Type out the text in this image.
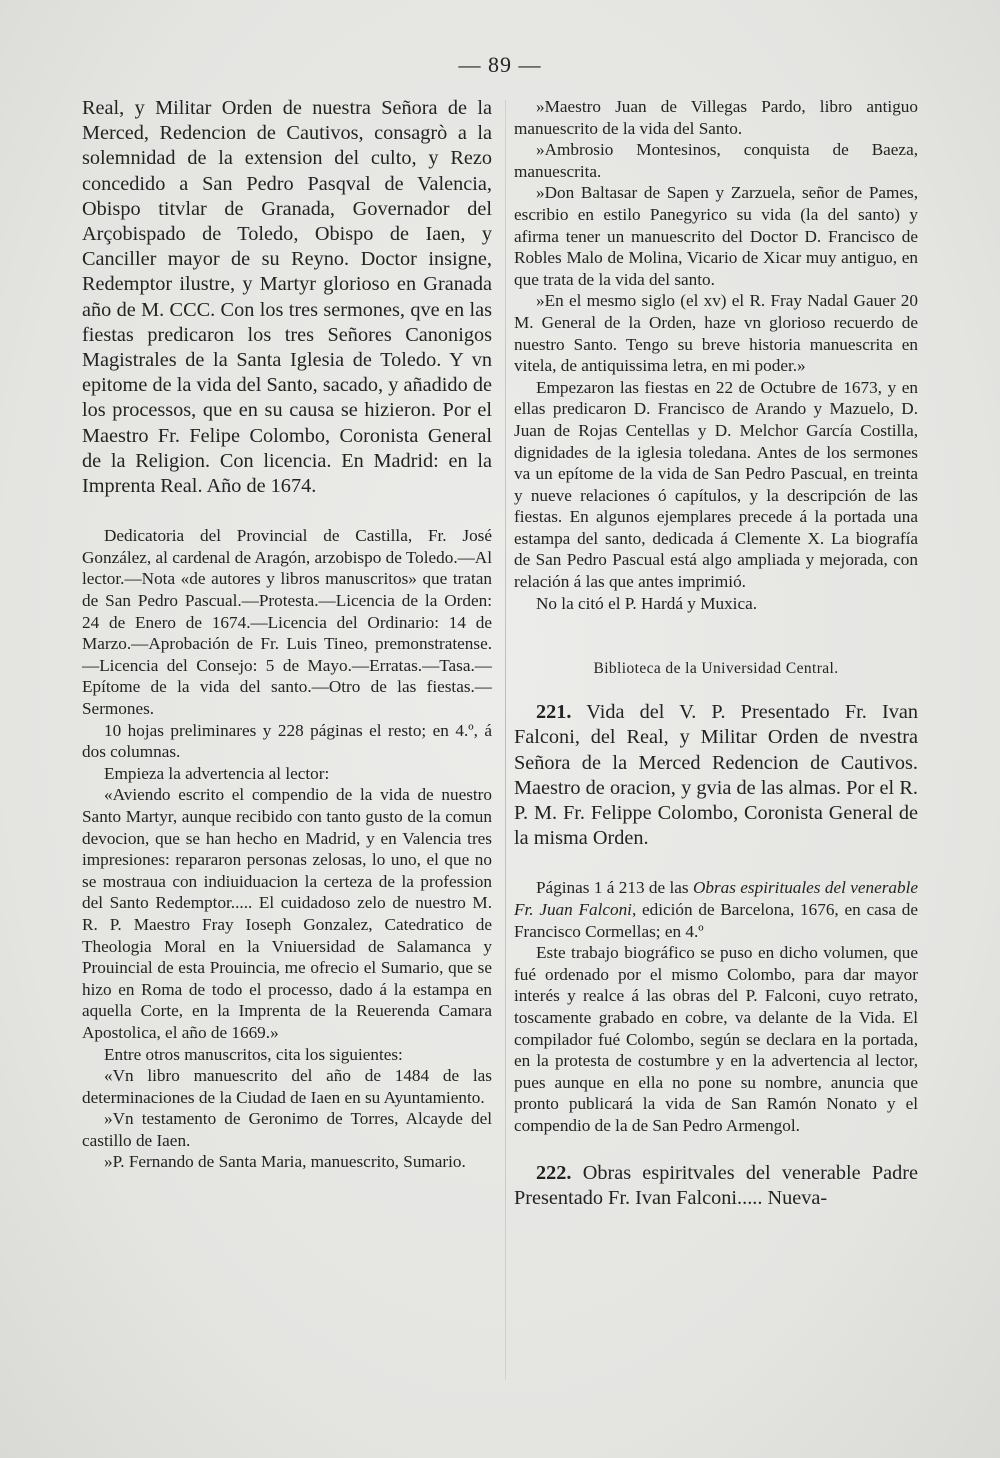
— 89 —

Real, y Militar Orden de nuestra Señora de la Merced, Redencion de Cautivos, consagrò a la solemnidad de la extension del culto, y Rezo concedido a San Pedro Pasqval de Valencia, Obispo titvlar de Granada, Governador del Arçobispado de Toledo, Obispo de Iaen, y Canciller mayor de su Reyno. Doctor insigne, Redemptor ilustre, y Martyr glorioso en Granada año de M. CCC. Con los tres sermones, qve en las fiestas predicaron los tres Señores Canonigos Magistrales de la Santa Iglesia de Toledo. Y vn epitome de la vida del Santo, sacado, y añadido de los processos, que en su causa se hizieron. Por el Maestro Fr. Felipe Colombo, Coronista General de la Religion. Con licencia. En Madrid: en la Imprenta Real. Año de 1674.

Dedicatoria del Provincial de Castilla, Fr. José González, al cardenal de Aragón, arzobispo de Toledo.—Al lector.—Nota «de autores y libros manuscritos» que tratan de San Pedro Pascual.—Protesta.—Licencia de la Orden: 24 de Enero de 1674.—Licencia del Ordinario: 14 de Marzo.—Aprobación de Fr. Luis Tineo, premonstratense.—Licencia del Consejo: 5 de Mayo.—Erratas.—Tasa.—Epítome de la vida del santo.—Otro de las fiestas.—Sermones.

10 hojas preliminares y 228 páginas el resto; en 4.º, á dos columnas.

Empieza la advertencia al lector:

«Aviendo escrito el compendio de la vida de nuestro Santo Martyr, aunque recibido con tanto gusto de la comun devocion, que se han hecho en Madrid, y en Valencia tres impresiones: repararon personas zelosas, lo uno, el que no se mostraua con indiuiduacion la certeza de la profession del Santo Redemptor..... El cuidadoso zelo de nuestro M. R. P. Maestro Fray Ioseph Gonzalez, Catedratico de Theologia Moral en la Vniuersidad de Salamanca y Prouincial de esta Prouincia, me ofrecio el Sumario, que se hizo en Roma de todo el processo, dado á la estampa en aquella Corte, en la Imprenta de la Reuerenda Camara Apostolica, el año de 1669.»

Entre otros manuscritos, cita los siguientes:

«Vn libro manuescrito del año de 1484 de las determinaciones de la Ciudad de Iaen en su Ayuntamiento.

»Vn testamento de Geronimo de Torres, Alcayde del castillo de Iaen.

»P. Fernando de Santa Maria, manuescrito, Sumario.

»Maestro Juan de Villegas Pardo, libro antiguo manuescrito de la vida del Santo.

»Ambrosio Montesinos, conquista de Baeza, manuescrita.

»Don Baltasar de Sapen y Zarzuela, señor de Pames, escribio en estilo Panegyrico su vida (la del santo) y afirma tener un manuescrito del Doctor D. Francisco de Robles Malo de Molina, Vicario de Xicar muy antiguo, en que trata de la vida del santo.

»En el mesmo siglo (el xv) el R. Fray Nadal Gauer 20 M. General de la Orden, haze vn glorioso recuerdo de nuestro Santo. Tengo su breve historia manuescrita en vitela, de antiquissima letra, en mi poder.»

Empezaron las fiestas en 22 de Octubre de 1673, y en ellas predicaron D. Francisco de Arando y Mazuelo, D. Juan de Rojas Centellas y D. Melchor García Costilla, dignidades de la iglesia toledana. Antes de los sermones va un epítome de la vida de San Pedro Pascual, en treinta y nueve relaciones ó capítulos, y la descripción de las fiestas. En algunos ejemplares precede á la portada una estampa del santo, dedicada á Clemente X. La biografía de San Pedro Pascual está algo ampliada y mejorada, con relación á las que antes imprimió.

No la citó el P. Hardá y Muxica.

Biblioteca de la Universidad Central.

221. Vida del V. P. Presentado Fr. Ivan Falconi, del Real, y Militar Orden de nvestra Señora de la Merced Redencion de Cautivos. Maestro de oracion, y gvia de las almas. Por el R. P. M. Fr. Felippe Colombo, Coronista General de la misma Orden.

Páginas 1 á 213 de las Obras espirituales del venerable Fr. Juan Falconi, edición de Barcelona, 1676, en casa de Francisco Cormellas; en 4.º

Este trabajo biográfico se puso en dicho volumen, que fué ordenado por el mismo Colombo, para dar mayor interés y realce á las obras del P. Falconi, cuyo retrato, toscamente grabado en cobre, va delante de la Vida. El compilador fué Colombo, según se declara en la portada, en la protesta de costumbre y en la advertencia al lector, pues aunque en ella no pone su nombre, anuncia que pronto publicará la vida de San Ramón Nonato y el compendio de la de San Pedro Armengol.

222. Obras espiritvales del venerable Padre Presentado Fr. Ivan Falconi..... Nueva-
